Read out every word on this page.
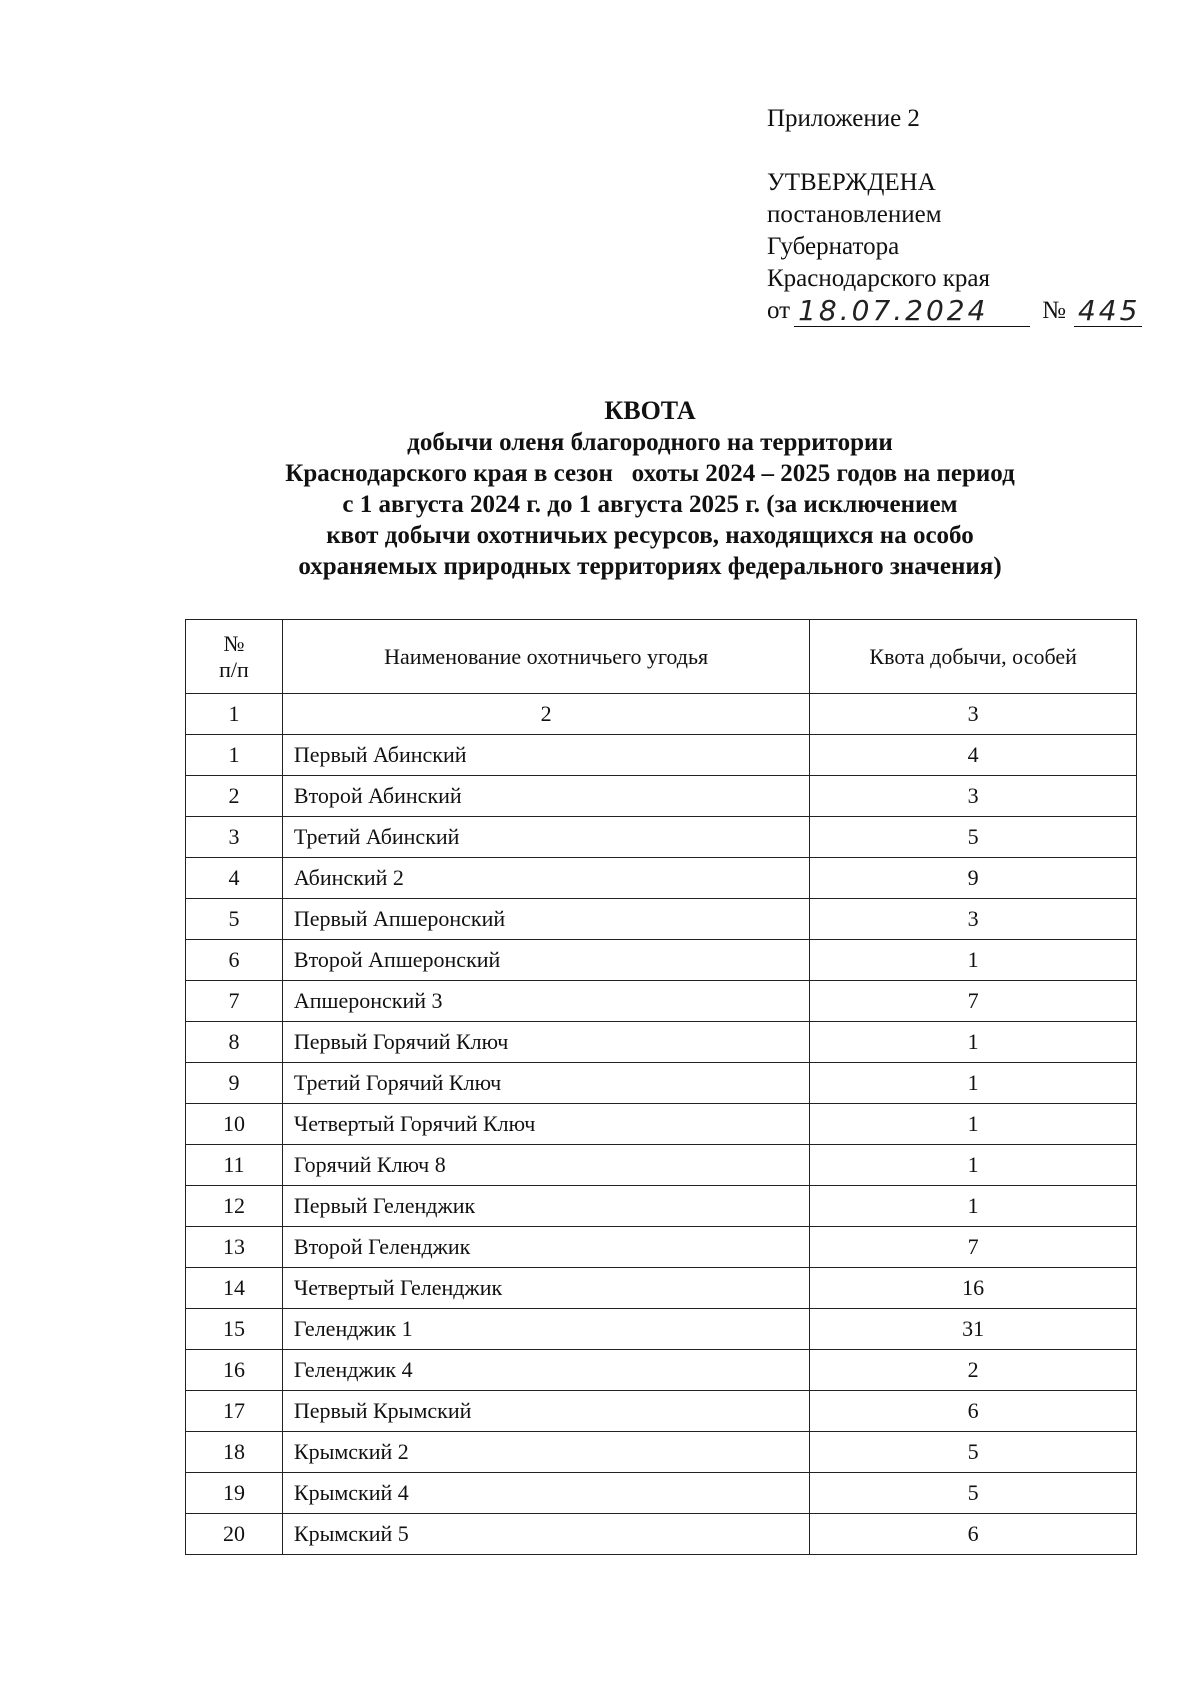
Приложение 2
УТВЕРЖДЕНА
постановлением
Губернатора
Краснодарского края
от 18.07.2024	№ 445
КВОТА
добычи оленя благородного на территории
Краснодарского края в сезон   охоты 2024 – 2025 годов на период
с 1 августа 2024 г. до 1 августа 2025 г. (за исключением
квот добычи охотничьих ресурсов, находящихся на особо
охраняемых природных территориях федерального значения)
№
п/п	Наименование охотничьего угодья	Квота добычи, особей
1	2	3
1	Первый Абинский	4
2	Второй Абинский	3
3	Третий Абинский	5
4	Абинский 2	9
5	Первый Апшеронский	3
6	Второй Апшеронский	1
7	Апшеронский 3	7
8	Первый Горячий Ключ	1
9	Третий Горячий Ключ	1
10	Четвертый Горячий Ключ	1
11	Горячий Ключ 8	1
12	Первый Геленджик	1
13	Второй Геленджик	7
14	Четвертый Геленджик	16
15	Геленджик 1	31
16	Геленджик 4	2
17	Первый Крымский	6
18	Крымский 2	5
19	Крымский 4	5
20	Крымский 5	6
